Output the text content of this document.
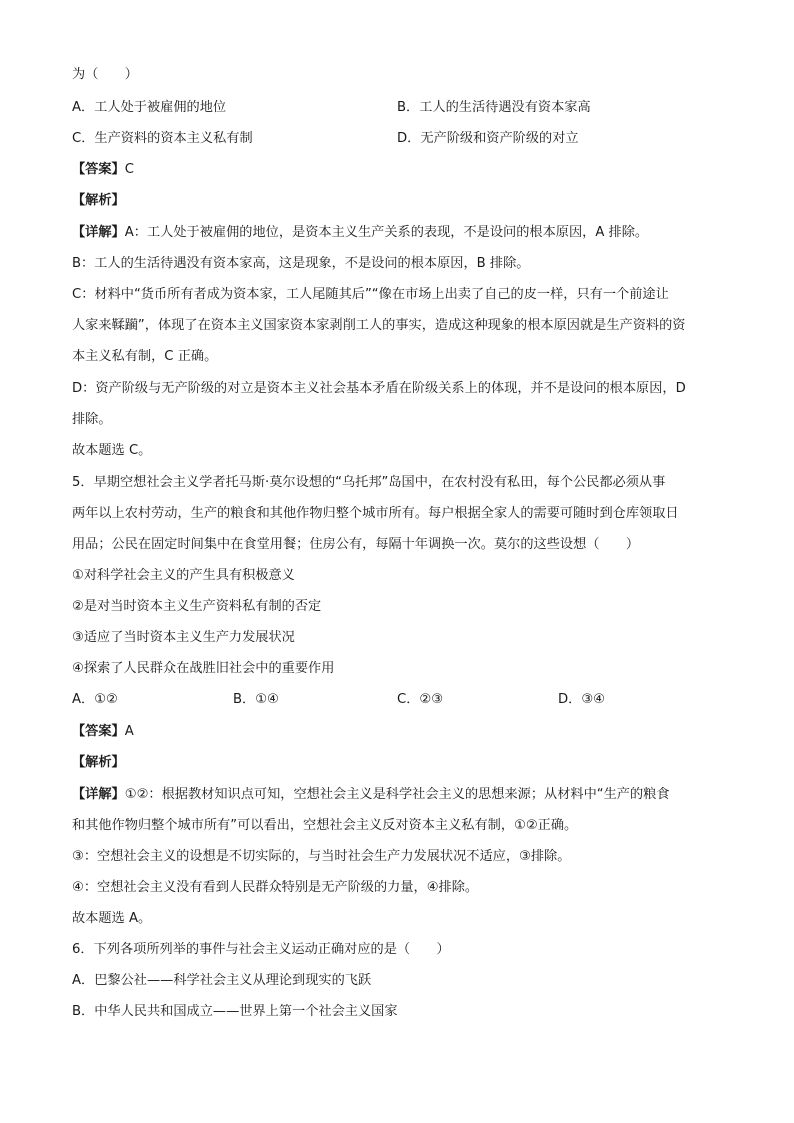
为（　　）
A．工人处于被雇佣的地位	B．工人的生活待遇没有资本家高
C．生产资料的资本主义私有制	D．无产阶级和资产阶级的对立
【答案】C
【解析】
【详解】A：工人处于被雇佣的地位，是资本主义生产关系的表现，不是设问的根本原因，A 排除。
B：工人的生活待遇没有资本家高，这是现象，不是设问的根本原因，B 排除。
C：材料中“货币所有者成为资本家，工人尾随其后”“像在市场上出卖了自己的皮一样，只有一个前途让
人家来鞣躏”，体现了在资本主义国家资本家剥削工人的事实，造成这种现象的根本原因就是生产资料的资
本主义私有制，C 正确。
D：资产阶级与无产阶级的对立是资本主义社会基本矛盾在阶级关系上的体现，并不是设问的根本原因，D
排除。
故本题选 C。
5．早期空想社会主义学者托马斯·莫尔设想的“乌托邦”岛国中，在农村没有私田，每个公民都必须从事
两年以上农村劳动，生产的粮食和其他作物归整个城市所有。每户根据全家人的需要可随时到仓库领取日
用品；公民在固定时间集中在食堂用餐；住房公有，每隔十年调换一次。莫尔的这些设想（　　）
①对科学社会主义的产生具有积极意义
②是对当时资本主义生产资料私有制的否定
③适应了当时资本主义生产力发展状况
④探索了人民群众在战胜旧社会中的重要作用
A．①②	B．①④	C．②③	D．③④
【答案】A
【解析】
【详解】①②：根据教材知识点可知，空想社会主义是科学社会主义的思想来源；从材料中“生产的粮食
和其他作物归整个城市所有”可以看出，空想社会主义反对资本主义私有制，①②正确。
③：空想社会主义的设想是不切实际的，与当时社会生产力发展状况不适应，③排除。
④：空想社会主义没有看到人民群众特别是无产阶级的力量，④排除。
故本题选 A。
6．下列各项所列举的事件与社会主义运动正确对应的是（　　）
A．巴黎公社——科学社会主义从理论到现实的飞跃
B．中华人民共和国成立——世界上第一个社会主义国家
